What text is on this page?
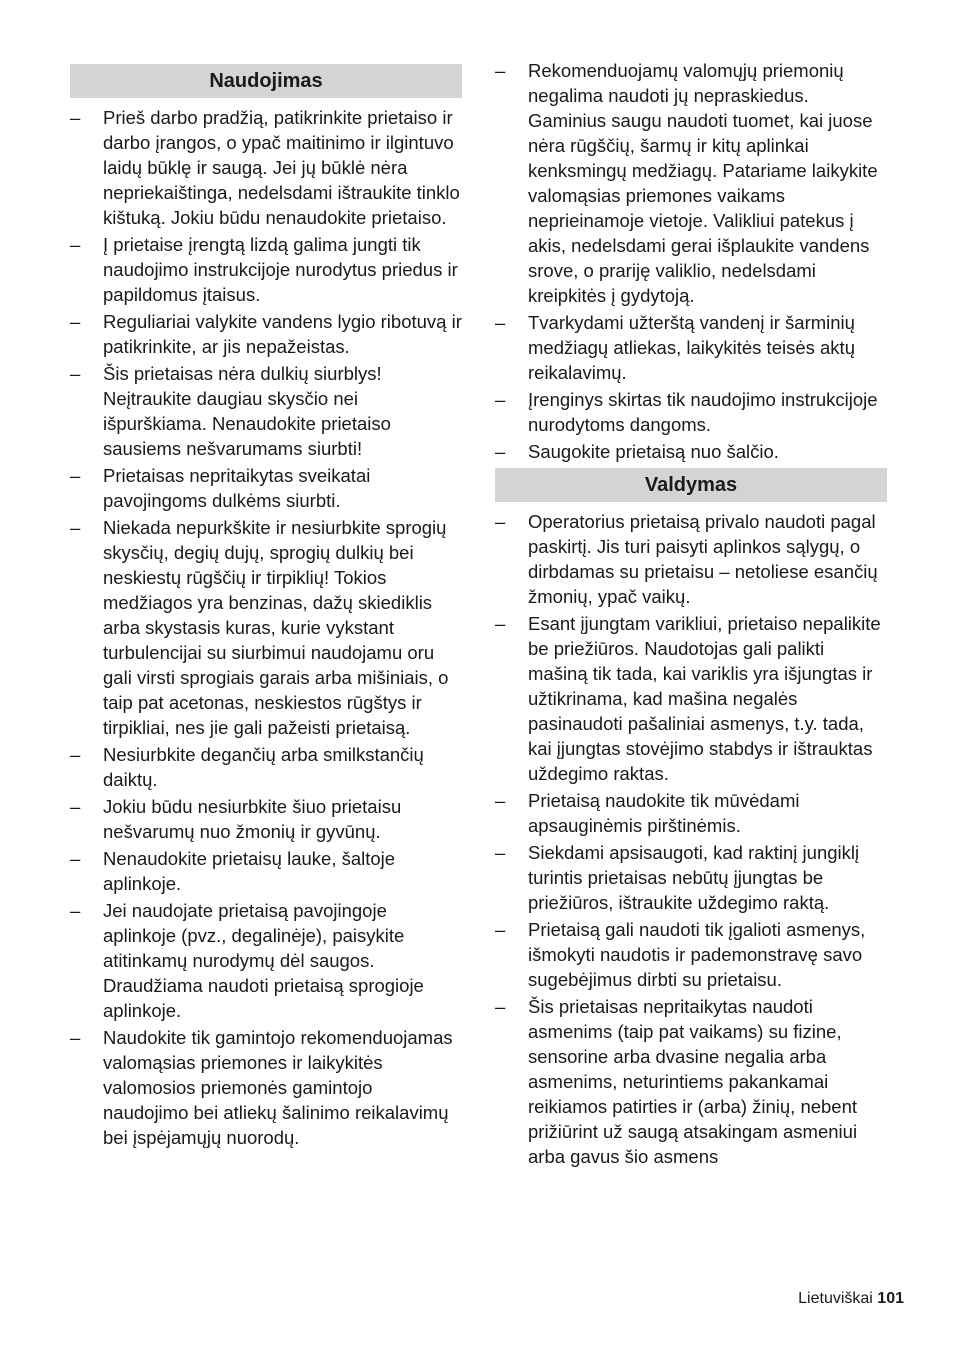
Naudojimas
– Prieš darbo pradžią, patikrinkite prietaiso ir darbo įrangos, o ypač maitinimo ir ilgintuvo laidų būklę ir saugą. Jei jų būklė nėra nepriekaištinga, nedelsdami ištraukite tinklo kištuką. Jokiu būdu nenaudokite prietaiso.
– Į prietaise įrengtą lizdą galima jungti tik naudojimo instrukcijoje nurodytus priedus ir papildomus įtaisus.
– Reguliariai valykite vandens lygio ribotuvą ir patikrinkite, ar jis nepažeistas.
– Šis prietaisas nėra dulkių siurblys! Neįtraukite daugiau skysčio nei išpurškiama. Nenaudokite prietaiso sausiems nešvarumams siurbti!
– Prietaisas nepritaikytas sveikatai pavojingoms dulkėms siurbti.
– Niekada nepurkškite ir nesiurbkite sprogių skysčių, degių dujų, sprogių dulkių bei neskiestų rūgščių ir tirpiklių! Tokios medžiagos yra benzinas, dažų skiediklis arba skystasis kuras, kurie vykstant turbulencijai su siurbimui naudojamu oru gali virsti sprogiais garais arba mišiniais, o taip pat acetonas, neskiestos rūgštys ir tirpikliai, nes jie gali pažeisti prietaisą.
– Nesiurbkite degančių arba smilkstančių daiktų.
– Jokiu būdu nesiurbkite šiuo prietaisu nešvarumų nuo žmonių ir gyvūnų.
– Nenaudokite prietaisų lauke, šaltoje aplinkoje.
– Jei naudojate prietaisą pavojingoje aplinkoje (pvz., degalinėje), paisykite atitinkamų nurodymų dėl saugos. Draudžiama naudoti prietaisą sprogioje aplinkoje.
– Naudokite tik gamintojo rekomenduojamas valomąsias priemones ir laikykitės valomosios priemonės gamintojo naudojimo bei atliekų šalinimo reikalavimų bei įspėjamųjų nuorodų.
– Rekomenduojamų valomųjų priemonių negalima naudoti jų nepraskiedus. Gaminius saugu naudoti tuomet, kai juose nėra rūgščių, šarmų ir kitų aplinkai kenksmingų medžiagų. Patariame laikykite valomąsias priemones vaikams neprieinamoje vietoje. Valikliui patekus į akis, nedelsdami gerai išplaukite vandens srove, o prariję valiklio, nedelsdami kreipkitės į gydytoją.
– Tvarkydami užterštą vandenį ir šarminių medžiagų atliekas, laikykitės teisės aktų reikalavimų.
– Įrenginys skirtas tik naudojimo instrukcijoje nurodytoms dangoms.
– Saugokite prietaisą nuo šalčio.
Valdymas
– Operatorius prietaisą privalo naudoti pagal paskirtį. Jis turi paisyti aplinkos sąlygų, o dirbdamas su prietaisu – netoliese esančių žmonių, ypač vaikų.
– Esant įjungtam varikliui, prietaiso nepalikite be priežiūros. Naudotojas gali palikti mašiną tik tada, kai variklis yra išjungtas ir užtikrinama, kad mašina negalės pasinaudoti pašaliniai asmenys, t.y. tada, kai įjungtas stovėjimo stabdys ir ištrauktas uždegimo raktas.
– Prietaisą naudokite tik mūvėdami apsauginėmis pirštinėmis.
– Siekdami apsisaugoti, kad raktinį jungiklį turintis prietaisas nebūtų įjungtas be priežiūros, ištraukite uždegimo raktą.
– Prietaisą gali naudoti tik įgalioti asmenys, išmokyti naudotis ir pademonstravę savo sugebėjimus dirbti su prietaisu.
– Šis prietaisas nepritaikytas naudoti asmenims (taip pat vaikams) su fizine, sensorine arba dvasine negalia arba asmenims, neturintiems pakankamai reikiamos patirties ir (arba) žinių, nebent prižiūrint už saugą atsakingam asmeniui arba gavus šio asmens
Lietuviškai 101
